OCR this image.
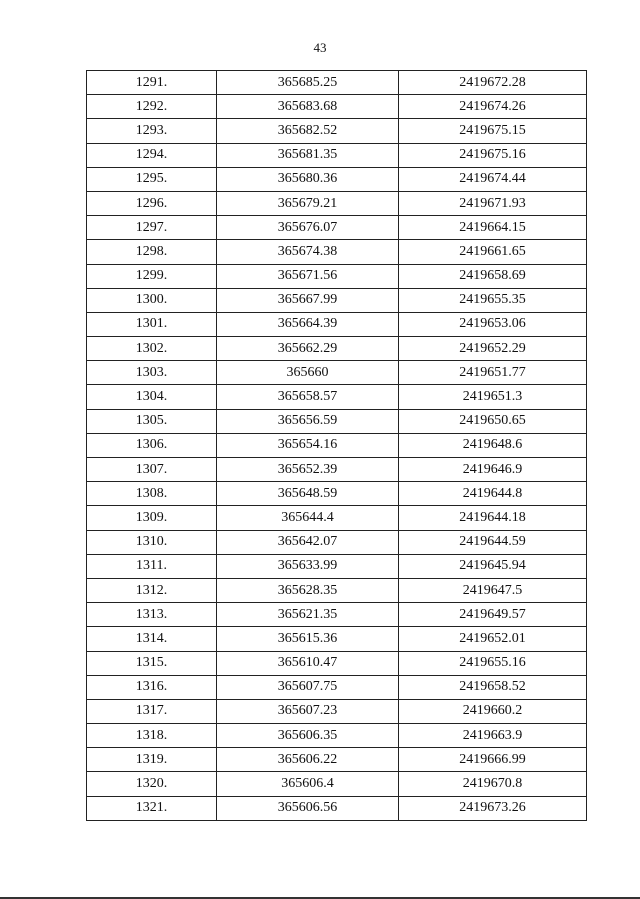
43
1291.	365685.25	2419672.28
1292.	365683.68	2419674.26
1293.	365682.52	2419675.15
1294.	365681.35	2419675.16
1295.	365680.36	2419674.44
1296.	365679.21	2419671.93
1297.	365676.07	2419664.15
1298.	365674.38	2419661.65
1299.	365671.56	2419658.69
1300.	365667.99	2419655.35
1301.	365664.39	2419653.06
1302.	365662.29	2419652.29
1303.	365660	2419651.77
1304.	365658.57	2419651.3
1305.	365656.59	2419650.65
1306.	365654.16	2419648.6
1307.	365652.39	2419646.9
1308.	365648.59	2419644.8
1309.	365644.4	2419644.18
1310.	365642.07	2419644.59
1311.	365633.99	2419645.94
1312.	365628.35	2419647.5
1313.	365621.35	2419649.57
1314.	365615.36	2419652.01
1315.	365610.47	2419655.16
1316.	365607.75	2419658.52
1317.	365607.23	2419660.2
1318.	365606.35	2419663.9
1319.	365606.22	2419666.99
1320.	365606.4	2419670.8
1321.	365606.56	2419673.26
